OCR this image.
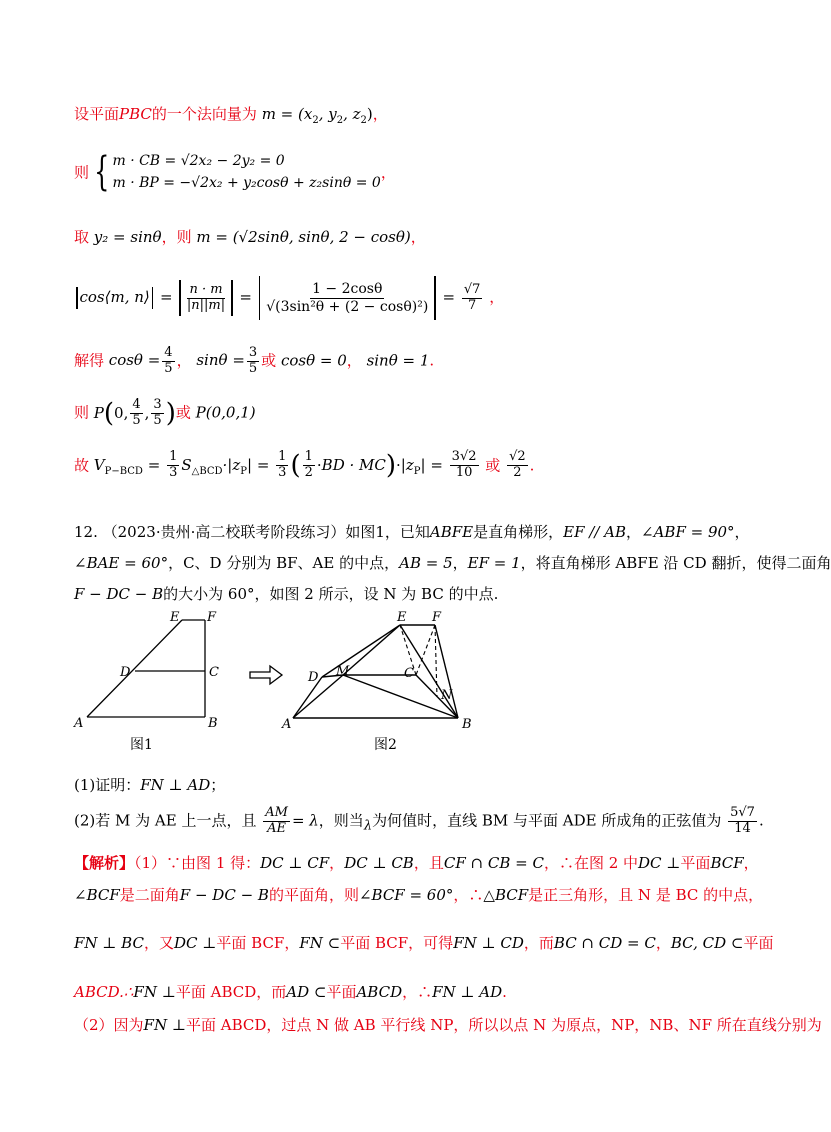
设平面PBC的一个法向量为 $m = (x_2$, $y_2$, $z_2$)，
则 { m · CB = √2x₂ − 2y₂ = 0
m · BP = −√2x₂ + y₂cosθ + z₂sinθ = 0
，
取 y₂ = sinθ，则 m = (√2sinθ, sinθ, 2 − cosθ)，
cos⟨m, n⟩ = $\frac{n \cdot m}{|n||m|} = \frac{1 - 2\cos\theta}{\text{√(3sin²θ + (2 − cosθ)²)}} = \frac{√7}{7}$ ，
解得 $\cos\theta = \frac{4}{5}$ ， $\sin\theta = \frac{3}{5}$ 或 cosθ = 0， sinθ = 1.
则 P(0, $\frac{4}{5}$ , $\frac{3}{5}$ )或 P(0,0,1)
故 $V_{P-BCD} = \frac{1}{3} S_{\triangle BCD}\cdot|z_P| = \frac{1}{3}$ ( $\frac{1}{2} \cdot BD \cdot MC)\cdot|z_P| = \frac{3√2}{10}$ 或 $\frac{√2}{2}$ .
12. （2023·贵州·高二校联考阶段练习）如图1，已知ABFE是直角梯形，EF // AB，∠ABF = 90°，
∠BAE = 60°，C、D 分别为 BF、AE 的中点，AB = 5，EF = 1，将直角梯形 ABFE 沿 CD 翻折，使得二面角
F − DC − B的大小为 60°，如图 2 所示，设 N 为 BC 的中点.
E F
D	C
A	B
图1
E F
D M	C
N
A	B
图2
(1)证明：FN ⊥ AD；
(2)若 M 为 AE 上一点，且 $\frac{AM}{AE} = \lambda$，则当λ为何值时，直线 BM 与平面 ADE 所成角的正弦值为 $\frac{5√7}{14}$ .
【解析】（1）∵由图 1 得：DC ⊥ CF，DC ⊥ CB，且CF ∩ CB = C，∴在图 2 中DC ⊥平面BCF，
∠BCF是二面角F − DC − B的平面角，则∠BCF = 60°，∴△BCF是正三角形，且 N 是 BC 的中点，
FN ⊥ BC，又DC ⊥平面 BCF，FN ⊂平面 BCF，可得FN ⊥ CD，而BC ∩ CD = C，BC, CD ⊂平面
ABCD.∴FN ⊥平面 ABCD，而AD ⊂平面ABCD，∴FN ⊥ AD.
（2）因为FN ⊥平面 ABCD，过点 N 做 AB 平行线 NP，所以以点 N 为原点，NP，NB、NF 所在直线分别为
